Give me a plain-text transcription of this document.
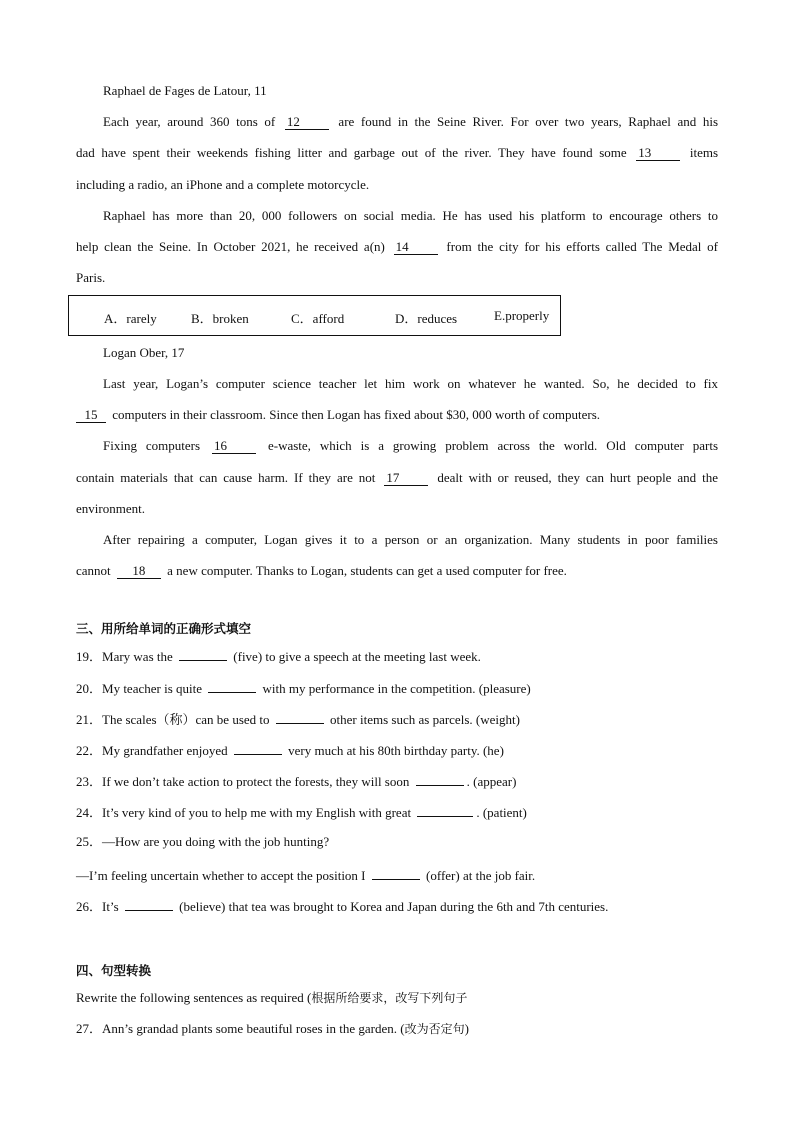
Raphael de Fages de Latour, 11
Each year, around 360 tons of 12	are found in the Seine River. For over two years, Raphael and his
dad have spent their weekends fishing litter and garbage out of the river. They have found some 13	items
including a radio, an iPhone and a complete motorcycle.
Raphael has more than 20, 000 followers on social media. He has used his platform to encourage others to
help clean the Seine. In October 2021, he received a(n) 14	from the city for his efforts called The Medal of
Paris.
A．rarely	B．broken	C．afford	D．reduces	E.properly
Logan Ober, 17
Last year, Logan’s computer science teacher let him work on whatever he wanted. So, he decided to fix
15 computers in their classroom. Since then Logan has fixed about $30, 000 worth of computers.
Fixing computers 16	e-waste, which is a growing problem across the world. Old computer parts
contain materials that can cause harm. If they are not 17	dealt with or reused, they can hurt people and the
environment.
After repairing a computer, Logan gives it to a person or an organization. Many students in poor families
cannot 18 a new computer. Thanks to Logan, students can get a used computer for free.
三、用所给单词的正确形式填空
19．Mary was the	(five) to give a speech at the meeting last week.
20．My teacher is quite	with my performance in the competition. (pleasure)
21．The scales（称）can be used to	other items such as parcels. (weight)
22．My grandfather enjoyed	very much at his 80th birthday party. (he)
23．If we don’t take action to protect the forests, they will soon	. (appear)
24．It’s very kind of you to help me with my English with great	. (patient)
25．—How are you doing with the job hunting?
—I’m feeling uncertain whether to accept the position I	(offer) at the job fair.
26．It’s	(believe) that tea was brought to Korea and Japan during the 6th and 7th centuries.
四、句型转换
Rewrite the following sentences as required (根据所给要求，改写下列句子
27．Ann’s grandad plants some beautiful roses in the garden. (改为否定句)
